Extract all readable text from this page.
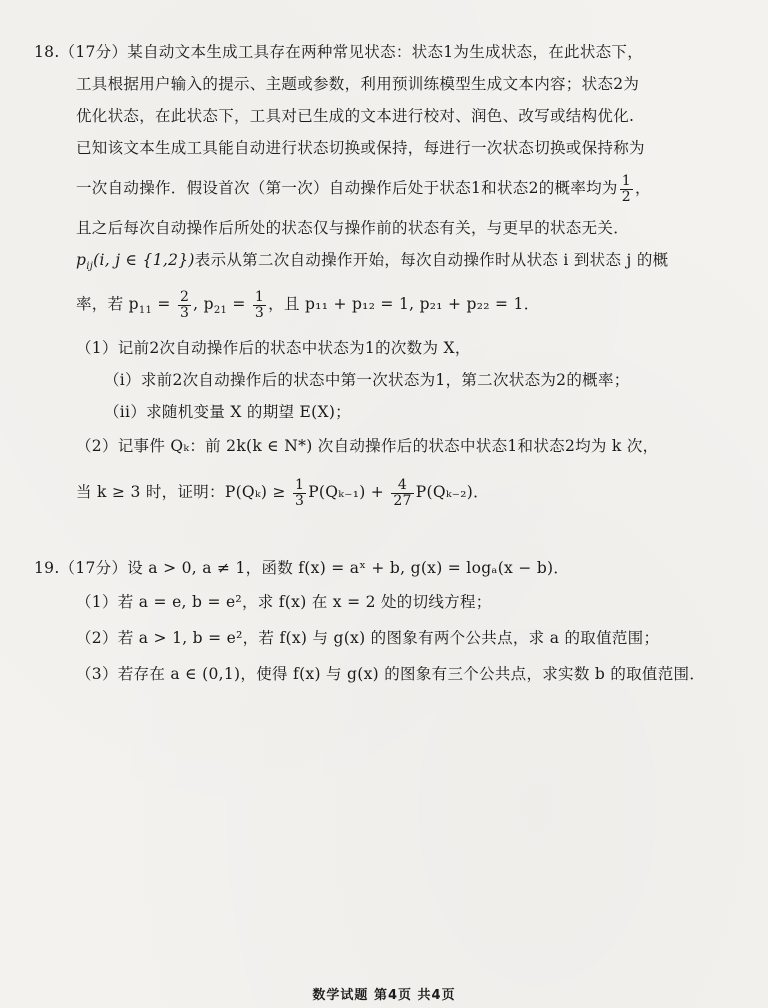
18.（17分）某自动文本生成工具存在两种常见状态：状态1为生成状态，在此状态下，
工具根据用户输入的提示、主题或参数，利用预训练模型生成文本内容；状态2为
优化状态，在此状态下，工具对已生成的文本进行校对、润色、改写或结构优化.
已知该文本生成工具能自动进行状态切换或保持，每进行一次状态切换或保持称为
一次自动操作．假设首次（第一次）自动操作后处于状态1和状态2的概率均为 $\frac{1}{2}$ ，
且之后每次自动操作后所处的状态仅与操作前的状态有关，与更早的状态无关．
$p_{ij}(i$, j ∈ {1,2})表示从第二次自动操作开始，每次自动操作时从状态 i 到状态 j 的概
率，若 $p_{11} = \frac{2}{3}$ , $p_{21} = \frac{1}{3}$ ，且 p₁₁ + p₁₂ = 1, p₂₁ + p₂₂ = 1．
（1）记前2次自动操作后的状态中状态为1的次数为 X，
（i）求前2次自动操作后的状态中第一次状态为1，第二次状态为2的概率；
（ii）求随机变量 X 的期望 E(X)；
（2）记事件 Qₖ：前 2k(k ∈ N*) 次自动操作后的状态中状态1和状态2均为 k 次，
当 k ≥ 3 时，证明：$P(Q_k) \ge \frac{1}{3} P(Q_{k-1}) + \frac{4}{27} P(Q_{k-2})$．
19.（17分）设 a > 0, a ≠ 1，函数 f(x) = aˣ + b, g(x) = logₐ(x − b)．
（1）若 a = e, b = e²，求 f(x) 在 x = 2 处的切线方程；
（2）若 a > 1, b = e²，若 f(x) 与 g(x) 的图象有两个公共点，求 a 的取值范围；
（3）若存在 a ∈ (0,1)，使得 f(x) 与 g(x) 的图象有三个公共点，求实数 b 的取值范围．
数学试题 第4页 共4页
